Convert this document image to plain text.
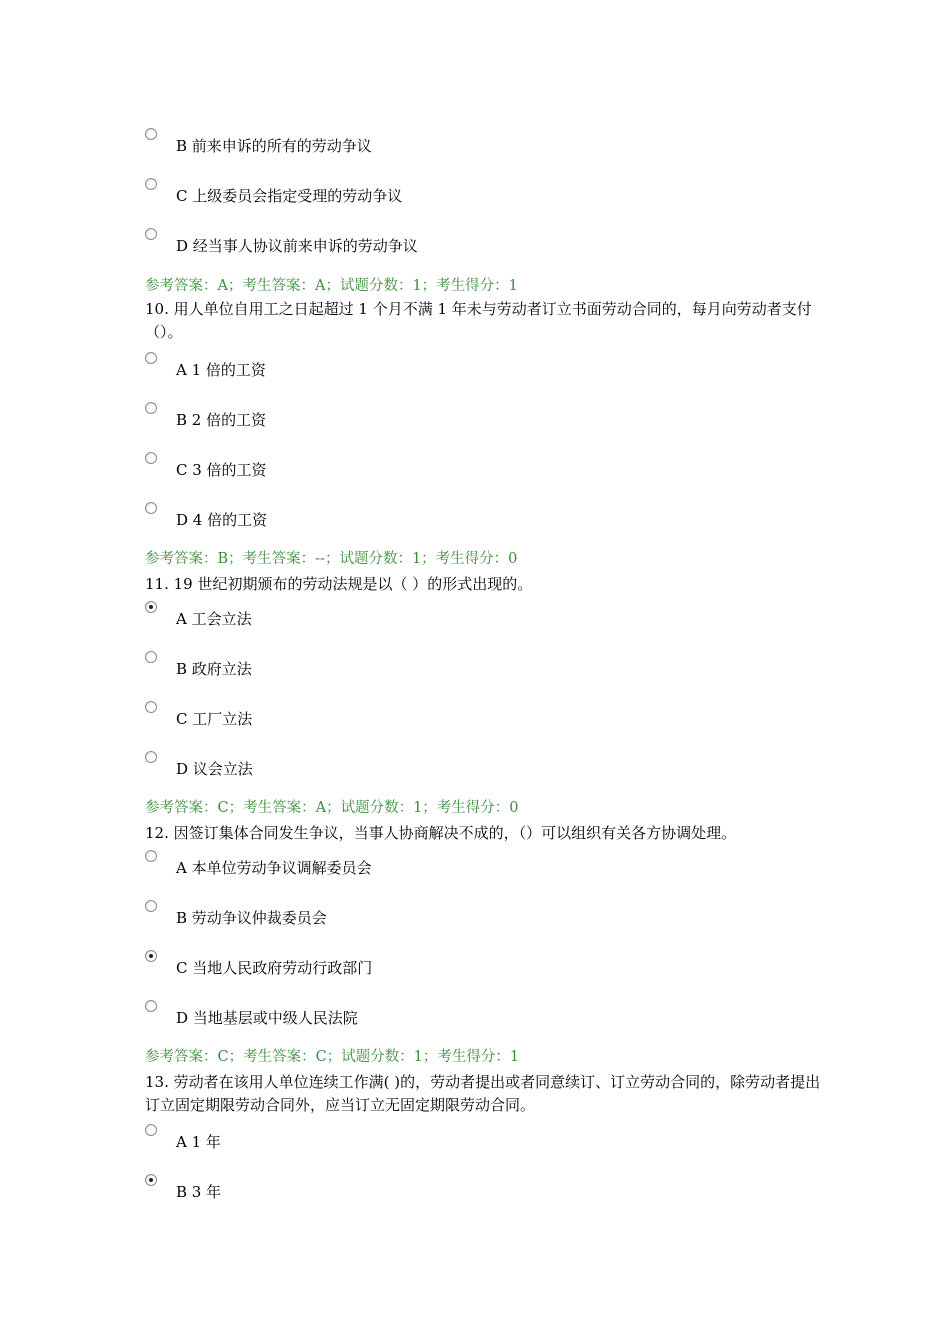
B 前来申诉的所有的劳动争议
C 上级委员会指定受理的劳动争议
D 经当事人协议前来申诉的劳动争议
参考答案：A；考生答案：A；试题分数：1；考生得分：1
10. 用人单位自用工之日起超过 1 个月不满 1 年未与劳动者订立书面劳动合同的，每月向劳动者支付（）。
A 1 倍的工资
B 2 倍的工资
C 3 倍的工资
D 4 倍的工资
参考答案：B；考生答案：--；试题分数：1；考生得分：0
11. 19 世纪初期颁布的劳动法规是以（ ）的形式出现的。
A 工会立法
B 政府立法
C 工厂立法
D 议会立法
参考答案：C；考生答案：A；试题分数：1；考生得分：0
12. 因签订集体合同发生争议，当事人协商解决不成的，（）可以组织有关各方协调处理。
A 本单位劳动争议调解委员会
B 劳动争议仲裁委员会
C 当地人民政府劳动行政部门
D 当地基层或中级人民法院
参考答案：C；考生答案：C；试题分数：1；考生得分：1
13. 劳动者在该用人单位连续工作满( )的，劳动者提出或者同意续订、订立劳动合同的，除劳动者提出订立固定期限劳动合同外，应当订立无固定期限劳动合同。
A 1 年
B 3 年
